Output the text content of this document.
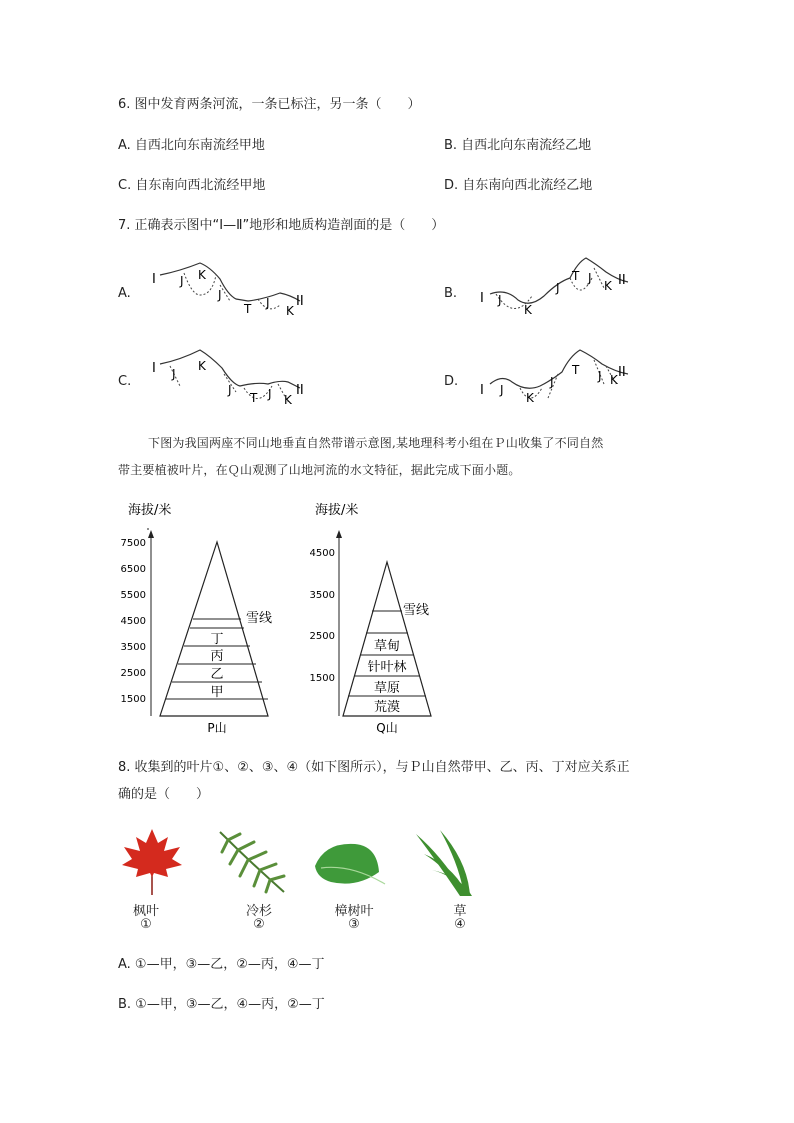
6. 图中发育两条河流，一条已标注，另一条（　　）
A. 自西北向东南流经甲地	B. 自西北向东南流经乙地
C. 自东南向西北流经甲地	D. 自东南向西北流经乙地
7. 正确表示图中“Ⅰ—Ⅱ”地形和地质构造剖面的是（　　）
A.	B.
C.	D.
I J K
J
T J
K
II	I J
K
J
T J
K II
I J
K
J
T J K
II	I J
K
J
T J K II
下图为我国两座不同山地垂直自然带谱示意图,某地理科考小组在Ｐ山收集了不同自然
带主要植被叶片，在Ｑ山观测了山地河流的水文特征，据此完成下面小题。
海拔/米
7500
6500
5500
4500
3500
2500
1500
丁
丙
乙
甲
雪线
P山
海拔/米
4500
3500
2500
1500
草甸
针叶林
草原
荒漠
雪线
Q山
8. 收集到的叶片①、②、③、④（如下图所示），与Ｐ山自然带甲、乙、丙、丁对应关系正
确的是（　　）
枫叶
①
冷杉
②
樟树叶
③
草
④
A. ①—甲，③—乙，②—丙，④—丁
B. ①—甲，③—乙，④—丙，②—丁
